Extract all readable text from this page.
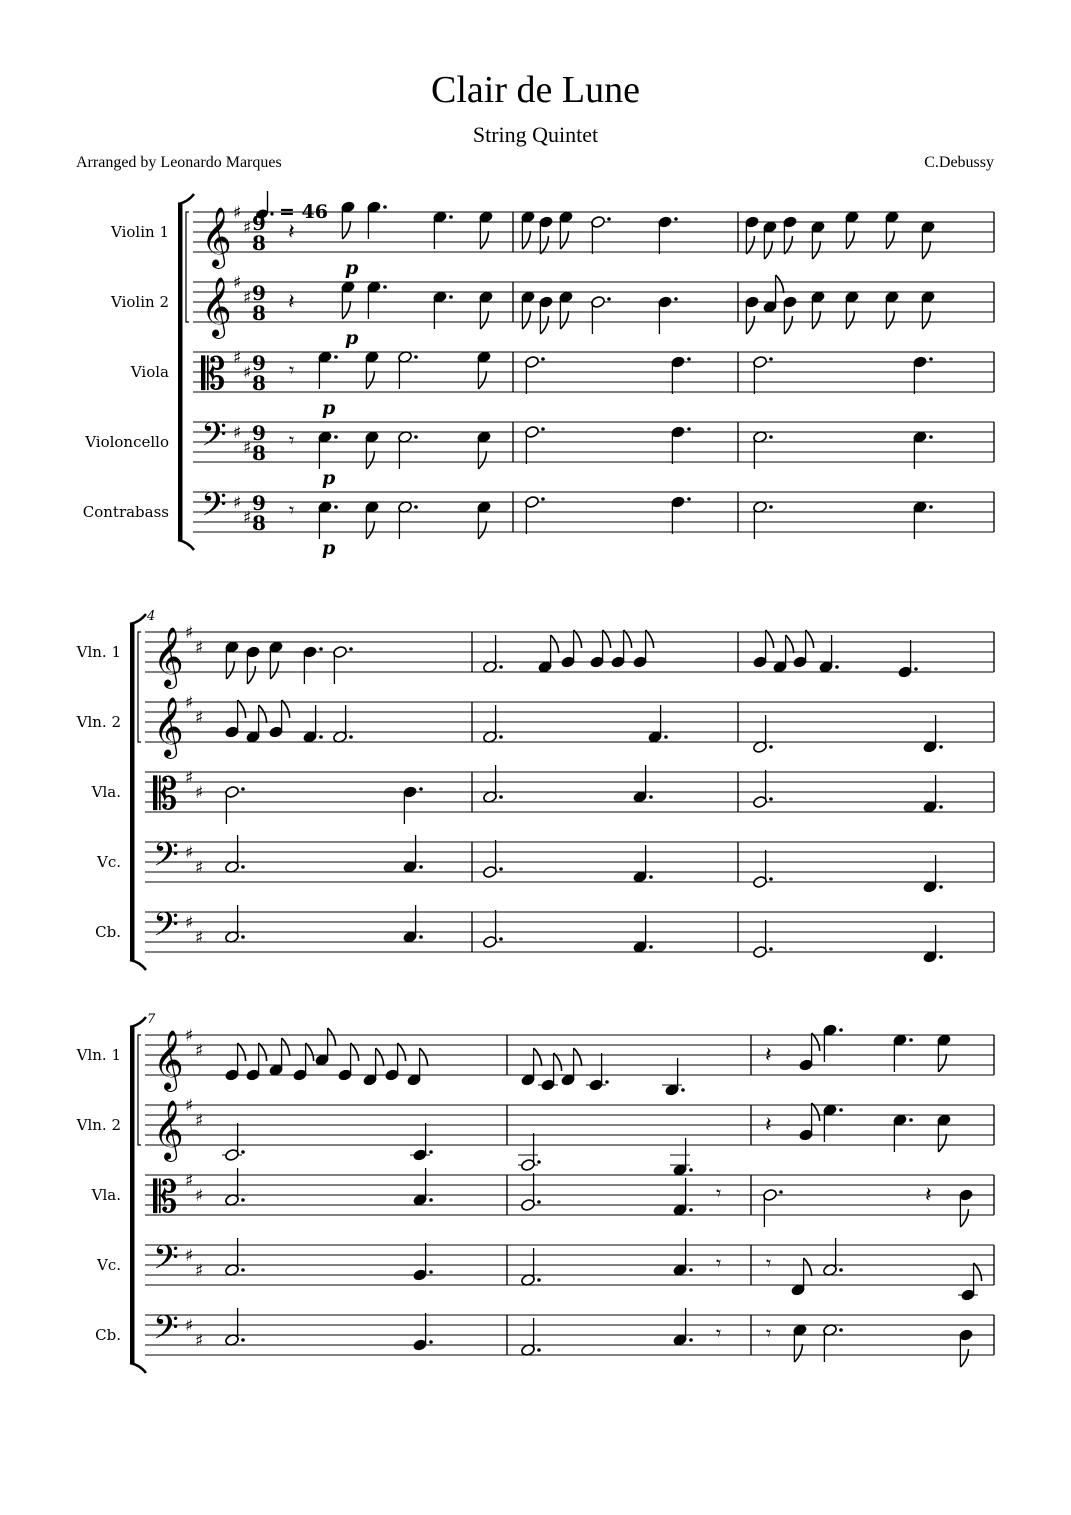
Clair de Lune
String Quintet
Arranged by Leonardo Marques	C.Debussy
= 46
Violin 1 𝄞 ♯
♯ 9
8
p
𝄽
Violin 2 𝄞 ♯
♯ 9
8
p
𝄽
Viola 𝄡 ♯
♯ 9
8
p
𝄾
Violoncello 𝄢 ♯
♯
9
8
p
𝄾
Contrabass 𝄢 ♯
♯
9
8
p
𝄾
4
Vln. 1 𝄞 ♯
♯
Vln. 2 𝄞 ♯
♯
Vla. 𝄡 ♯
♯
Vc. 𝄢 ♯
♯
Cb. 𝄢 ♯
♯
7
Vln. 1 𝄞 ♯
♯	𝄽
Vln. 2 𝄞 ♯
♯	𝄽
Vla. 𝄡 ♯
♯	𝄾	𝄽
Vc. 𝄢 ♯
♯	𝄾 𝄾
Cb. 𝄢 ♯
♯	𝄾 𝄾
